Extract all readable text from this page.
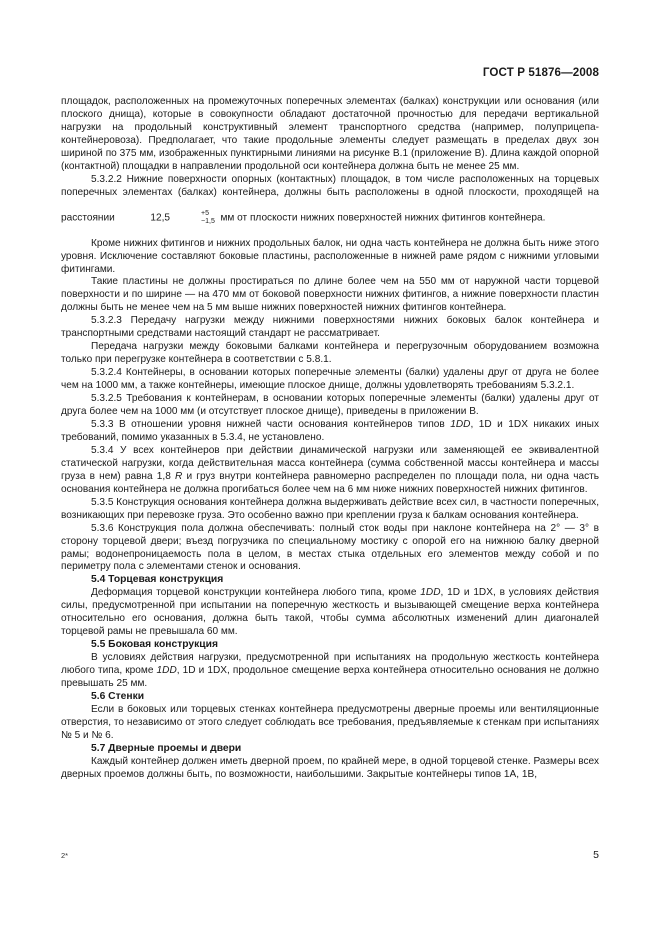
ГОСТ Р 51876—2008

площадок, расположенных на промежуточных поперечных элементах (балках) конструкции или основания (или плоского днища), которые в совокупности обладают достаточной прочностью для передачи вертикальной нагрузки на продольный конструктивный элемент транспортного средства (например, полуприцепа-контейнеровоза). Предполагает, что такие продольные элементы следует размещать в пределах двух зон шириной по 375 мм, изображенных пунктирными линиями на рисунке В.1 (приложение В). Длина каждой опорной (контактной) площадки в направлении продольной оси контейнера должна быть не менее 25 мм.

5.3.2.2 Нижние поверхности опорных (контактных) площадок, в том числе расположенных на торцевых поперечных элементах (балках) контейнера, должны быть расположены в одной плоскости, проходящей на расстоянии	12,5	+5
−1,5 мм от плоскости нижних поверхностей нижних фитингов контейнера.

Кроме нижних фитингов и нижних продольных балок, ни одна часть контейнера не должна быть ниже этого уровня. Исключение составляют боковые пластины, расположенные в нижней раме рядом с нижними угловыми фитингами.

Такие пластины не должны простираться по длине более чем на 550 мм от наружной части торцевой поверхности и по ширине — на 470 мм от боковой поверхности нижних фитингов, а нижние поверхности пластин должны быть не менее чем на 5 мм выше нижних поверхностей нижних фитингов контейнера.

5.3.2.3 Передачу нагрузки между нижними поверхностями нижних боковых балок контейнера и транспортными средствами настоящий стандарт не рассматривает.

Передача нагрузки между боковыми балками контейнера и перегрузочным оборудованием возможна только при перегрузке контейнера в соответствии с 5.8.1.

5.3.2.4 Контейнеры, в основании которых поперечные элементы (балки) удалены друг от друга не более чем на 1000 мм, а также контейнеры, имеющие плоское днище, должны удовлетворять требованиям 5.3.2.1.

5.3.2.5 Требования к контейнерам, в основании которых поперечные элементы (балки) удалены друг от друга более чем на 1000 мм (и отсутствует плоское днище), приведены в приложении В.

5.3.3 В отношении уровня нижней части основания контейнеров типов 1DD, 1D и 1DX никаких иных требований, помимо указанных в 5.3.4, не установлено.

5.3.4 У всех контейнеров при действии динамической нагрузки или заменяющей ее эквивалентной статической нагрузки, когда действительная масса контейнера (сумма собственной массы контейнера и массы груза в нем) равна 1,8 R и груз внутри контейнера равномерно распределен по площади пола, ни одна часть основания контейнера не должна прогибаться более чем на 6 мм ниже нижних поверхностей нижних фитингов.

5.3.5 Конструкция основания контейнера должна выдерживать действие всех сил, в частности поперечных, возникающих при перевозке груза. Это особенно важно при креплении груза к балкам основания контейнера.

5.3.6 Конструкция пола должна обеспечивать: полный сток воды при наклоне контейнера на 2° — 3° в сторону торцевой двери; въезд погрузчика по специальному мостику с опорой его на нижнюю балку дверной рамы; водонепроницаемость пола в целом, в местах стыка отдельных его элементов между собой и по периметру пола с элементами стенок и основания.

5.4 Торцевая конструкция

Деформация торцевой конструкции контейнера любого типа, кроме 1DD, 1D и 1DX, в условиях действия силы, предусмотренной при испытании на поперечную жесткость и вызывающей смещение верха контейнера относительно его основания, должна быть такой, чтобы сумма абсолютных изменений длин диагоналей торцевой рамы не превышала 60 мм.

5.5 Боковая конструкция

В условиях действия нагрузки, предусмотренной при испытаниях на продольную жесткость контейнера любого типа, кроме 1DD, 1D и 1DX, продольное смещение верха контейнера относительно основания не должно превышать 25 мм.

5.6 Стенки

Если в боковых или торцевых стенках контейнера предусмотрены дверные проемы или вентиляционные отверстия, то независимо от этого следует соблюдать все требования, предъявляемые к стенкам при испытаниях № 5 и № 6.

5.7 Дверные проемы и двери

Каждый контейнер должен иметь дверной проем, по крайней мере, в одной торцевой стенке. Размеры всех дверных проемов должны быть, по возможности, наибольшими. Закрытые контейнеры типов 1А, 1В,

2*	5
